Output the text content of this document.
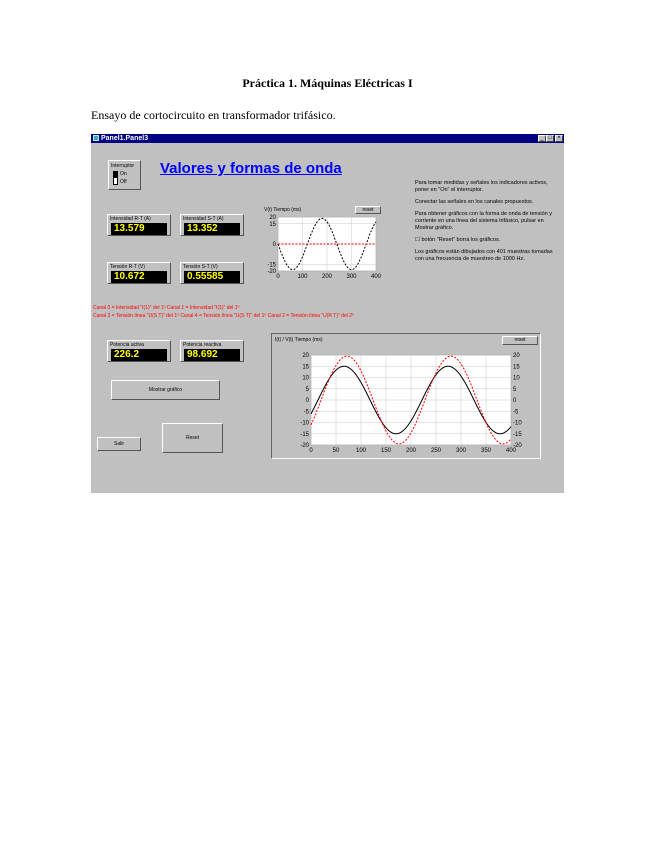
Práctica 1. Máquinas Eléctricas I
Ensayo de cortocircuito en transformador trifásico.
Panel1.Panel3	_ □ ×
Interruptor
On
Off
Valores y formas de onda
Intensidad R-T (A)
13.579
Intensidad S-T (A)
13.352
Tensión R-T (V)
10.672
Tensión S-T (V)
0.55585
V(t) Tiempo (ms)	reset
0	100 200 300 400
20
15
0
-15
-20
Para tomar medidas y señales los indicadores activos, poner en "On" el interruptor.
Conectar las señales en los canales propuestos.
Para obtener gráficos con la forma de onda de tensión y corriente en una línea del sistema trifásico, pulsar en Mostrar gráfico.
☐ botón "Reset" borra los gráficos.
Los gráficos están dibujados con 401 muestras tomadas con una frecuencia de muestreo de 1000 Hz.
Canal 0 = Intensidad "I(1)" del 1º Canal 1 = Intensidad "I(1)" del 1º
Canal 3 = Tensión línea "U(S T)" del 1º Canal 4 = Tensión línea "U(S T)" del 1º Canal 2 = Tensión línea "U(R T)" del 2º
Potencia activa
226.2
Potencia reactiva
98.692
Mostrar gráfico
Salir
Reset
I(t) / V(t) Tiempo (ms)	reset
0	50	100 150 200 250 300 350 400
20	20
15	15
10	10
5	5
0	0
-5	-5
-10	-10
-15	-15
-20	-20
